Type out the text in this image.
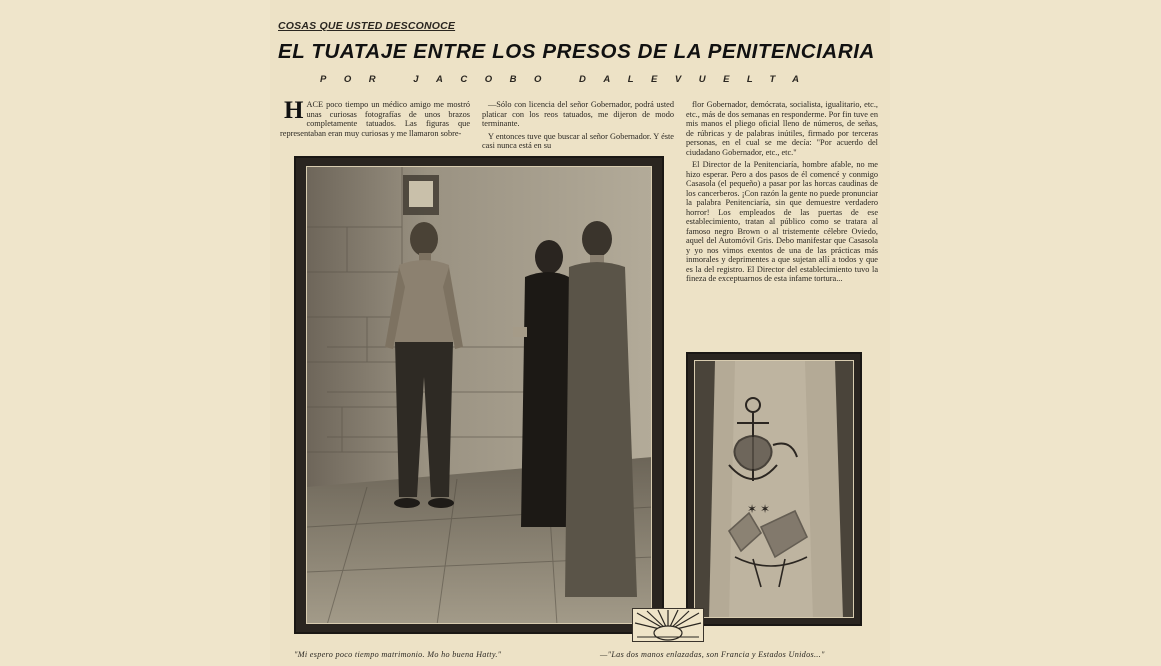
COSAS QUE USTED DESCONOCE
EL TUATAJE ENTRE LOS PRESOS DE LA PENITENCIARIA
POR JACOBO DALEVUELTA
H ACE poco tiempo un médico amigo me mostró unas curiosas fotografías de unos brazos completamente tatuados. Las figuras que representaban eran muy curiosas y me llamaron sobre-

—Sólo con licencia del señor Gobernador, podrá usted platicar con los reos tatuados, me dijeron de modo terminante.

Y entonces tuve que buscar al señor Gobernador. Y éste casi nunca está en su

flor Gobernador, demócrata, socialista, igualitario, etc., etc., más de dos semanas en responderme. Por fin tuve en mis manos el pliego oficial lleno de números, de señas, de rúbricas y de palabras inútiles, firmado por terceras personas, en el cual se me decía: "Por acuerdo del ciudadano Gobernador, etc., etc."

El Director de la Penitenciaría, hombre afable, no me hizo esperar. Pero a dos pasos de él comencé y conmigo Casasola (el pequeño) a pasar por las horcas caudinas de los cancerberos. ¡Con razón la gente no puede pronunciar la palabra Penitenciaría, sin que demuestre verdadero horror! Los empleados de las puertas de ese establecimiento, tratan al público como se tratara al famoso negro Brown o al tristemente célebre Oviedo, aquel del Automóvil Gris. Debo manifestar que Casasola y yo nos vimos exentos de una de las prácticas más inmorales y deprimentes a que sujetan allí a todos y que es la del registro. El Director del establecimiento tuvo la fineza de exceptuarnos de esta infame tortura...

✶ ✶
"Mi espero poco tiempo matrimonio. Mo ho buena Hatty."	—"Las dos manos enlazadas, son Francia y Estados Unidos..."
